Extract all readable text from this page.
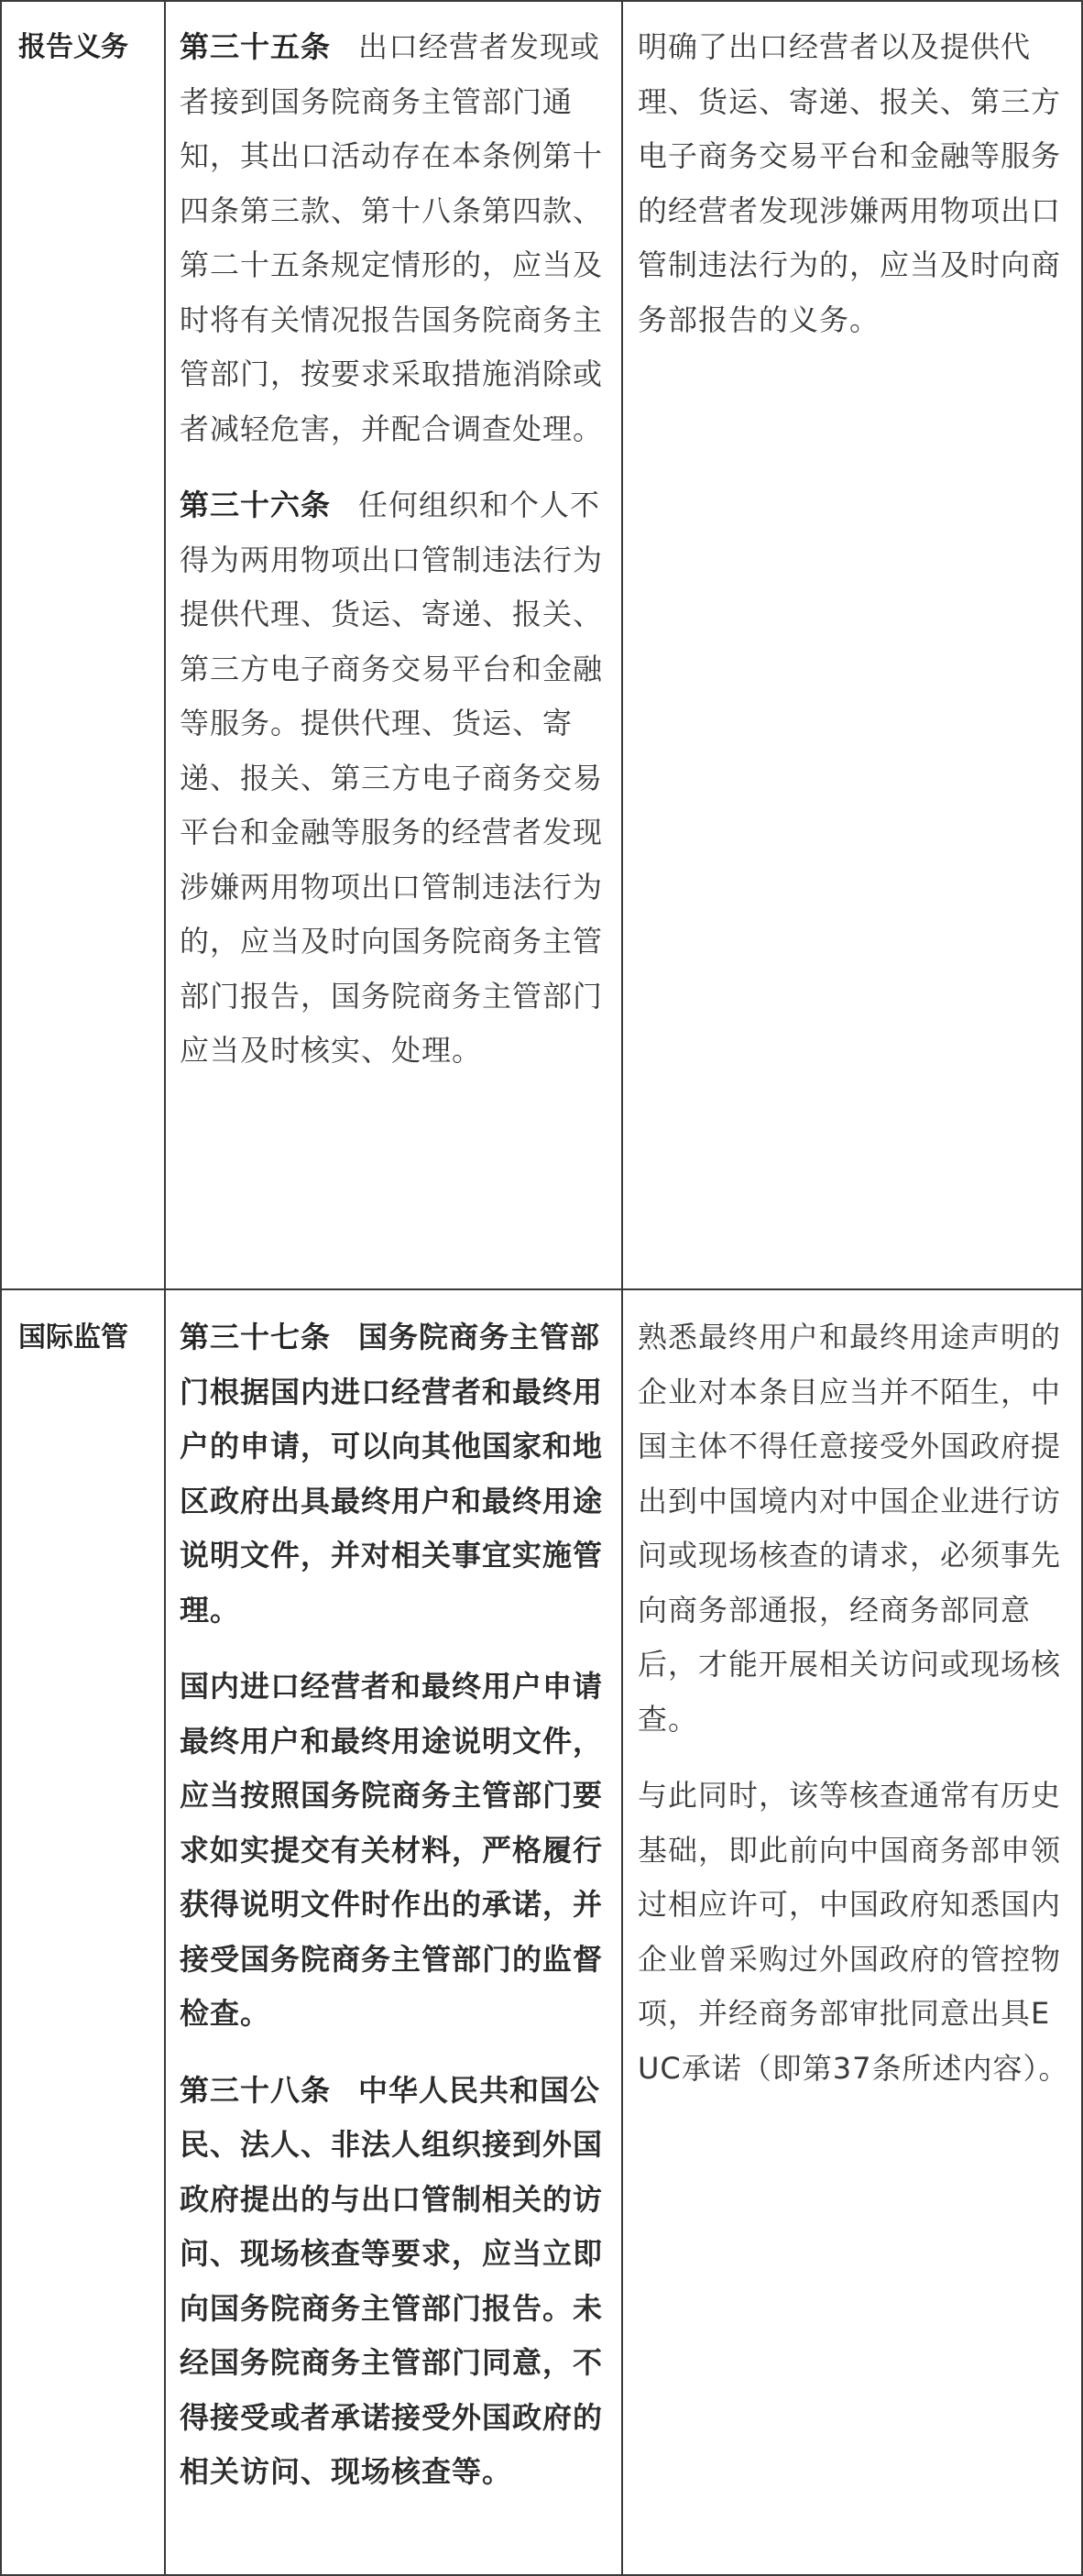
报告义务	第三十五条 出口经营者发现或者接到国务院商务主管部门通知，其出口活动存在本条例第十四条第三款、第十八条第四款、第二十五条规定情形的，应当及时将有关情况报告国务院商务主管部门，按要求采取措施消除或者减轻危害，并配合调查处理。

第三十六条 任何组织和个人不得为两用物项出口管制违法行为提供代理、货运、寄递、报关、第三方电子商务交易平台和金融等服务。提供代理、货运、寄递、报关、第三方电子商务交易平台和金融等服务的经营者发现涉嫌两用物项出口管制违法行为的，应当及时向国务院商务主管部门报告，国务院商务主管部门应当及时核实、处理。

明确了出口经营者以及提供代理、货运、寄递、报关、第三方电子商务交易平台和金融等服务的经营者发现涉嫌两用物项出口管制违法行为的，应当及时向商务部报告的义务。

国际监管	第三十七条 国务院商务主管部门根据国内进口经营者和最终用户的申请，可以向其他国家和地区政府出具最终用户和最终用途说明文件，并对相关事宜实施管理。

国内进口经营者和最终用户申请最终用户和最终用途说明文件，应当按照国务院商务主管部门要求如实提交有关材料，严格履行获得说明文件时作出的承诺，并接受国务院商务主管部门的监督检查。

第三十八条 中华人民共和国公民、法人、非法人组织接到外国政府提出的与出口管制相关的访问、现场核查等要求，应当立即向国务院商务主管部门报告。未经国务院商务主管部门同意，不得接受或者承诺接受外国政府的相关访问、现场核查等。

熟悉最终用户和最终用途声明的企业对本条目应当并不陌生，中国主体不得任意接受外国政府提出到中国境内对中国企业进行访问或现场核查的请求，必须事先向商务部通报，经商务部同意后，才能开展相关访问或现场核查。

与此同时，该等核查通常有历史基础，即此前向中国商务部申领过相应许可，中国政府知悉国内企业曾采购过外国政府的管控物项，并经商务部审批同意出具EUC承诺（即第37条所述内容）。
